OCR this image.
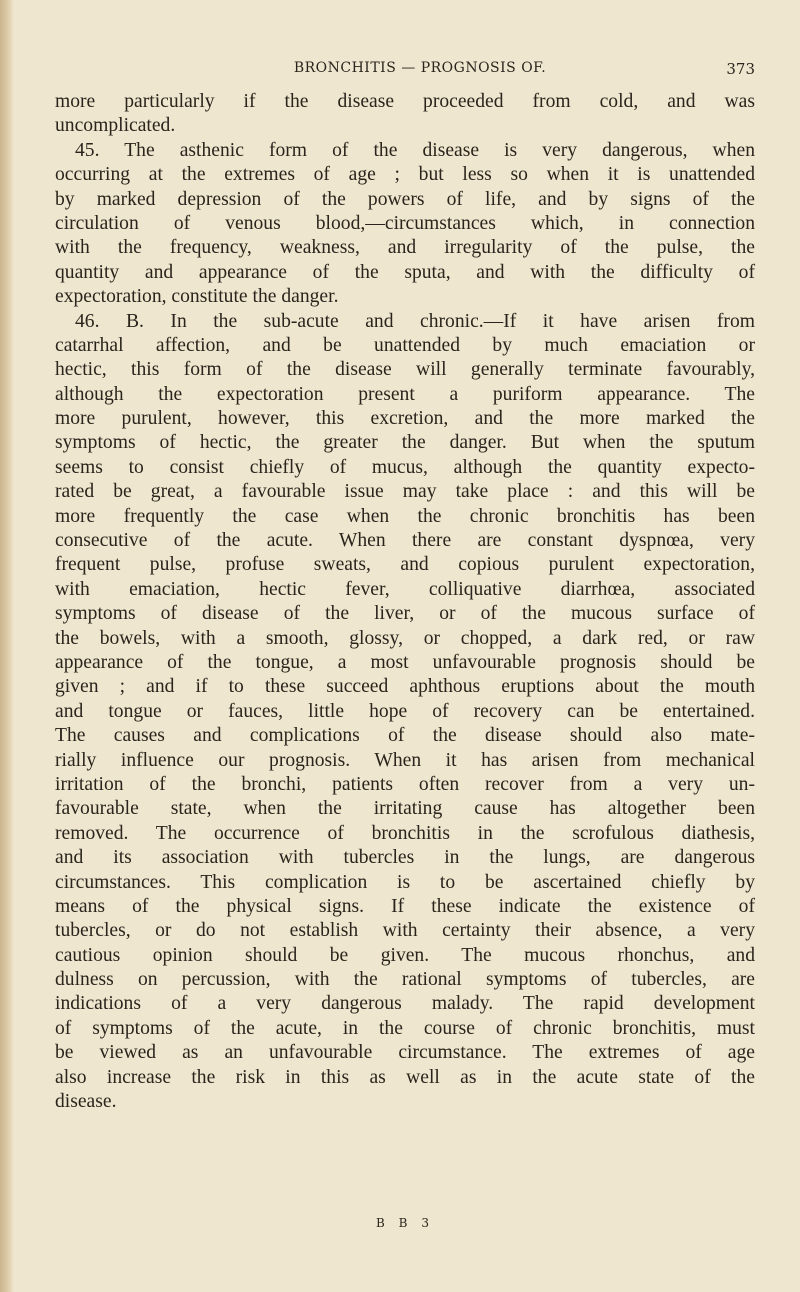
BRONCHITIS — PROGNOSIS OF.	373
more particularly if the disease proceeded from cold, and was
uncomplicated.
45. The asthenic form of the disease is very dangerous, when
occurring at the extremes of age ; but less so when it is unattended
by marked depression of the powers of life, and by signs of the
circulation of venous blood,—circumstances which, in connection
with the frequency, weakness, and irregularity of the pulse, the
quantity and appearance of the sputa, and with the difficulty of
expectoration, constitute the danger.
46. B. In the sub-acute and chronic.—If it have arisen from
catarrhal affection, and be unattended by much emaciation or
hectic, this form of the disease will generally terminate favourably,
although the expectoration present a puriform appearance. The
more purulent, however, this excretion, and the more marked the
symptoms of hectic, the greater the danger. But when the sputum
seems to consist chiefly of mucus, although the quantity expecto-
rated be great, a favourable issue may take place : and this will be
more frequently the case when the chronic bronchitis has been
consecutive of the acute. When there are constant dyspnœa, very
frequent pulse, profuse sweats, and copious purulent expectoration,
with emaciation, hectic fever, colliquative diarrhœa, associated
symptoms of disease of the liver, or of the mucous surface of
the bowels, with a smooth, glossy, or chopped, a dark red, or raw
appearance of the tongue, a most unfavourable prognosis should be
given ; and if to these succeed aphthous eruptions about the mouth
and tongue or fauces, little hope of recovery can be entertained.
The causes and complications of the disease should also mate-
rially influence our prognosis. When it has arisen from mechanical
irritation of the bronchi, patients often recover from a very un-
favourable state, when the irritating cause has altogether been
removed. The occurrence of bronchitis in the scrofulous diathesis,
and its association with tubercles in the lungs, are dangerous
circumstances. This complication is to be ascertained chiefly by
means of the physical signs. If these indicate the existence of
tubercles, or do not establish with certainty their absence, a very
cautious opinion should be given. The mucous rhonchus, and
dulness on percussion, with the rational symptoms of tubercles, are
indications of a very dangerous malady. The rapid development
of symptoms of the acute, in the course of chronic bronchitis, must
be viewed as an unfavourable circumstance. The extremes of age
also increase the risk in this as well as in the acute state of the
disease.
B B 3
